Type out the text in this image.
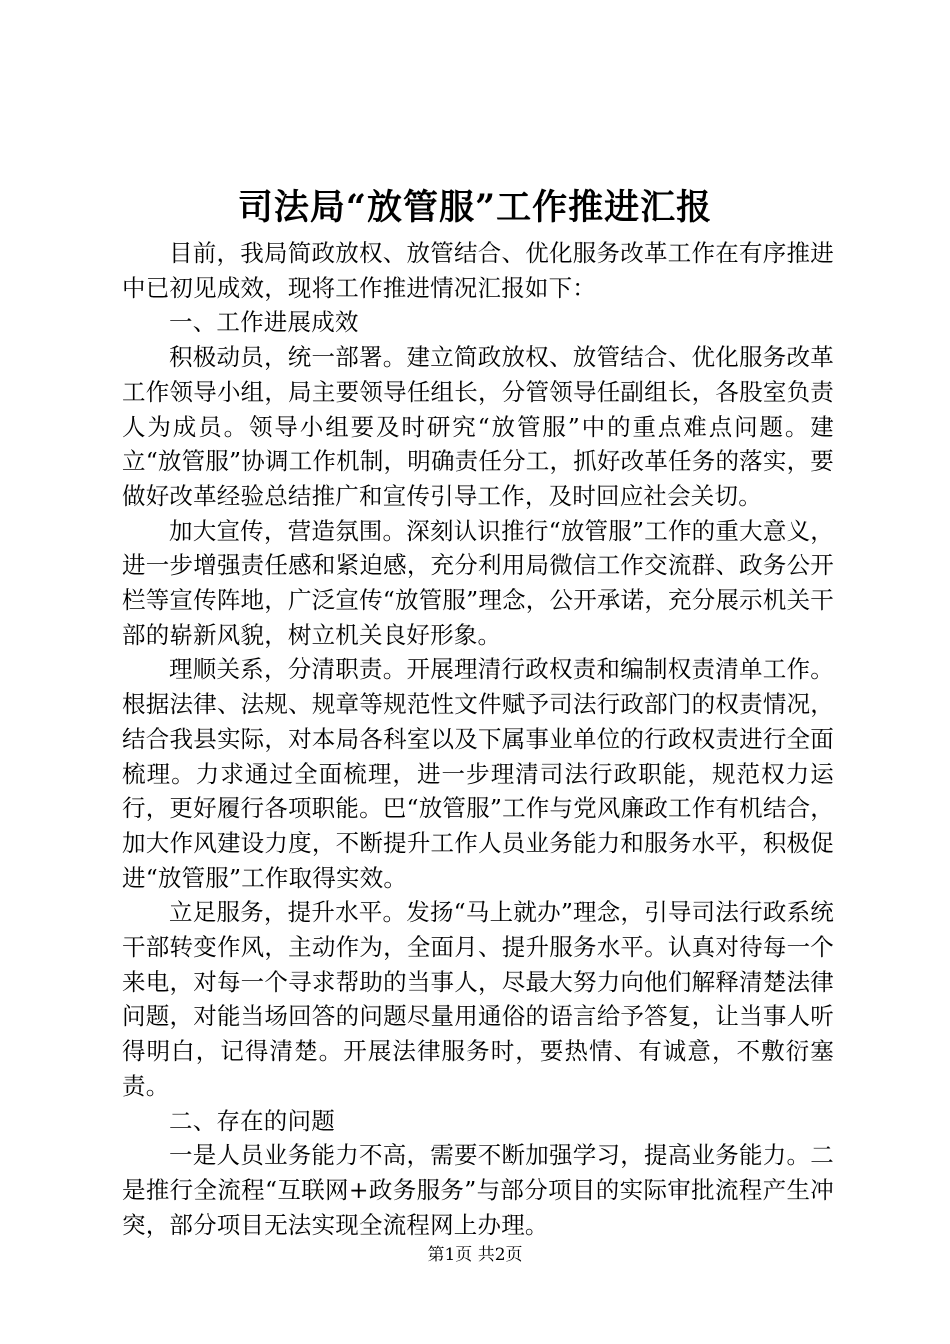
司法局“放管服”工作推进汇报

目前，我局简政放权、放管结合、优化服务改革工作在有序推进中已初见成效，现将工作推进情况汇报如下：

一、工作进展成效

积极动员，统一部署。建立简政放权、放管结合、优化服务改革工作领导小组，局主要领导任组长，分管领导任副组长，各股室负责人为成员。领导小组要及时研究“放管服”中的重点难点问题。建立“放管服”协调工作机制，明确责任分工，抓好改革任务的落实，要做好改革经验总结推广和宣传引导工作，及时回应社会关切。

加大宣传，营造氛围。深刻认识推行“放管服”工作的重大意义，进一步增强责任感和紧迫感，充分利用局微信工作交流群、政务公开栏等宣传阵地，广泛宣传“放管服”理念，公开承诺，充分展示机关干部的崭新风貌，树立机关良好形象。

理顺关系，分清职责。开展理清行政权责和编制权责清单工作。根据法律、法规、规章等规范性文件赋予司法行政部门的权责情况，结合我县实际，对本局各科室以及下属事业单位的行政权责进行全面梳理。力求通过全面梳理，进一步理清司法行政职能，规范权力运行，更好履行各项职能。巴“放管服”工作与党风廉政工作有机结合，加大作风建设力度，不断提升工作人员业务能力和服务水平，积极促进“放管服”工作取得实效。

立足服务，提升水平。发扬“马上就办”理念，引导司法行政系统干部转变作风，主动作为，全面月、提升服务水平。认真对待每一个来电，对每一个寻求帮助的当事人，尽最大努力向他们解释清楚法律问题，对能当场回答的问题尽量用通俗的语言给予答复，让当事人听得明白，记得清楚。开展法律服务时，要热情、有诚意，不敷衍塞责。

二、存在的问题

一是人员业务能力不高，需要不断加强学习，提高业务能力。二是推行全流程“互联网+政务服务”与部分项目的实际审批流程产生冲突，部分项目无法实现全流程网上办理。

第1页 共2页
